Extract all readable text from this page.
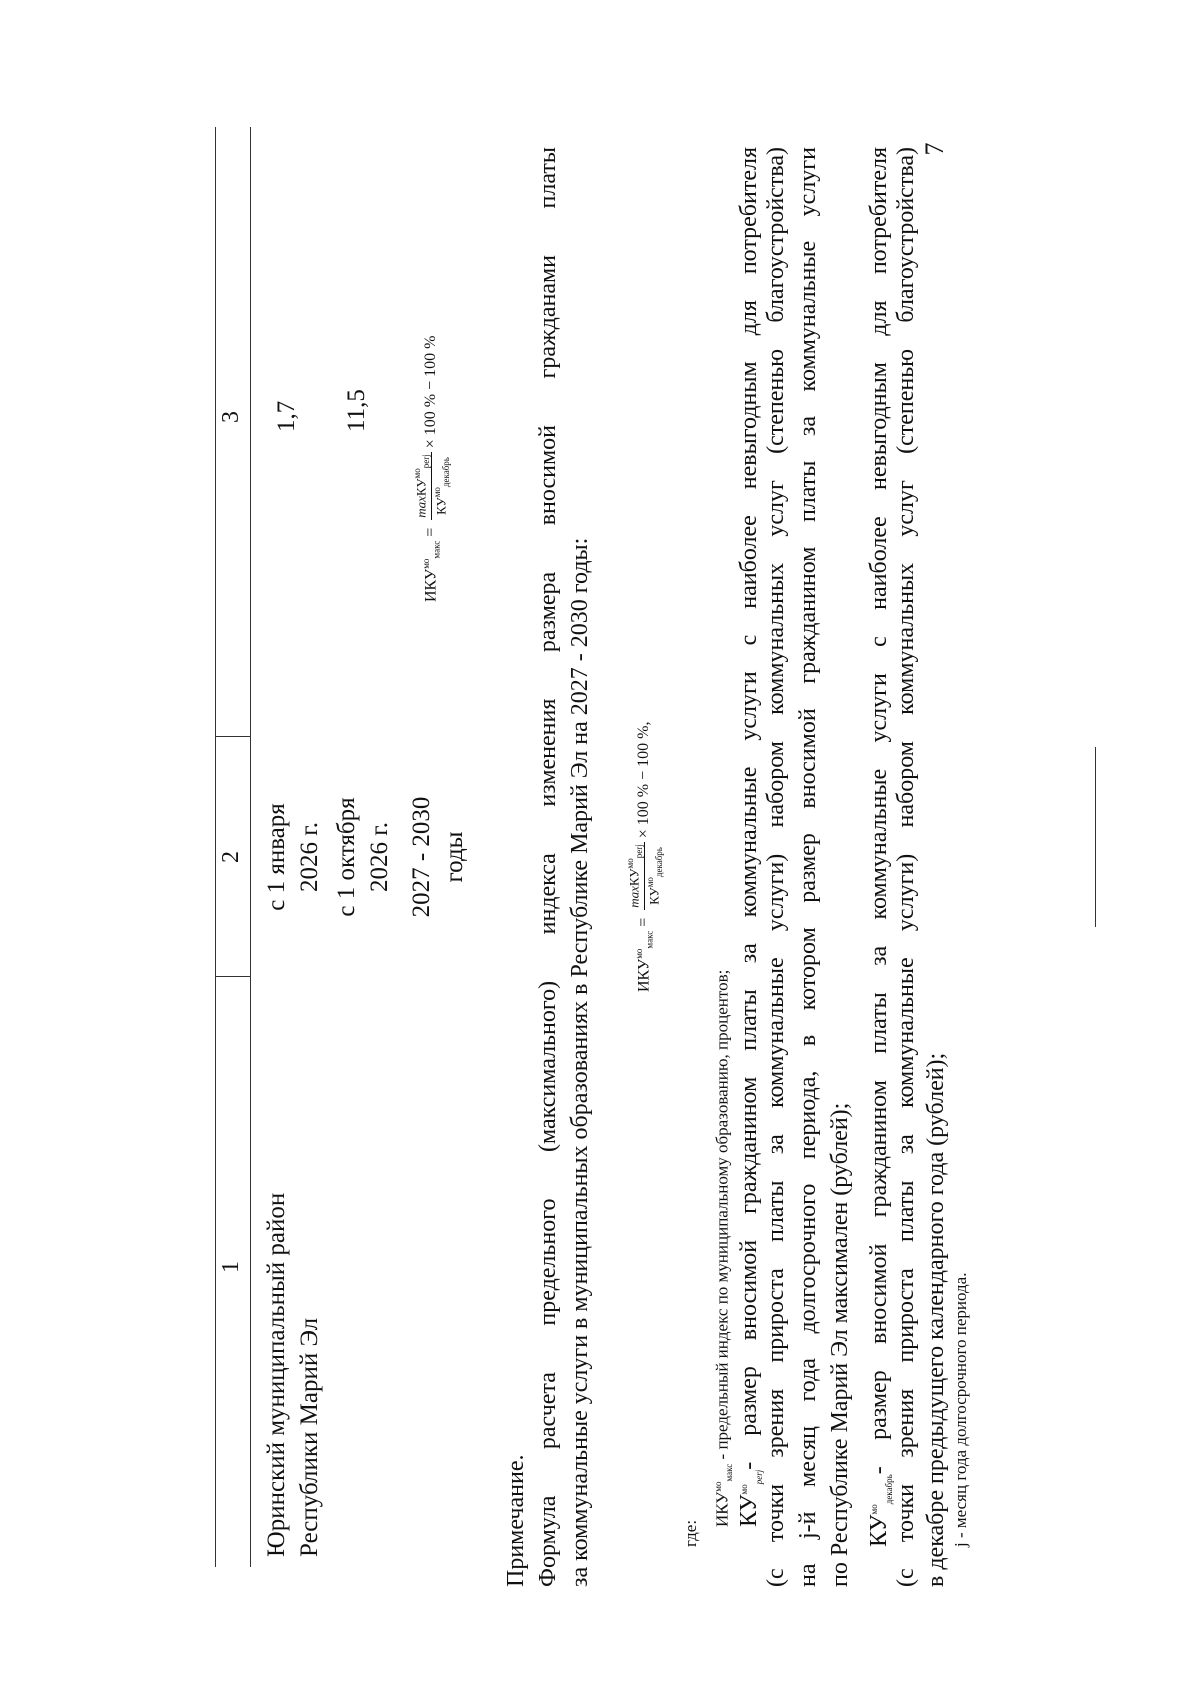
7
1
2
3
Юринский муниципальный район Республики Марий Эл
с 1 января 2026 г.
1,7
с 1 октября 2026 г.
11,5
2027 - 2030 годы
$ИКУ^{мо}_{макс}$
=
maxКУ$^{мо}_{perj}$
$КУ^{мо}_{декабрь}$
× 100 % − 100 %
Примечание. Формула расчета предельного (максимального) индекса изменения размера вносимой гражданами платы за коммунальные услуги в муниципальных образованиях в Республике Марий Эл на 2027 - 2030 годы:	$ИКУ^{мо}_{макс}$
=
maxКУ$^{мо}_{perj}$
$КУ^{мо}_{декабрь}$
× 100 % − 100 %,
где:
$ИКУ^{мо}_{макс}$ - предельный индекс по муниципальному образованию, процентов;
$КУ^{мо}_{perj}-$ размер вносимой гражданином платы за коммунальные услуги с наиболее невыгодным для потребителя (с точки зрения прироста платы за коммунальные услуги) набором коммунальных услуг (степенью благоустройства) на j-й месяц года долгосрочного периода, в котором размер вносимой гражданином платы за коммунальные услуги по Республике Марий Эл максимален (рублей); $КУ^{мо}_{декабрь}-$ размер вносимой гражданином платы за коммунальные услуги с наиболее невыгодным для потребителя (с точки зрения прироста платы за коммунальные услуги) набором коммунальных услуг (степенью благоустройства) в декабре предыдущего календарного года (рублей); j - месяц года долгосрочного периода.
